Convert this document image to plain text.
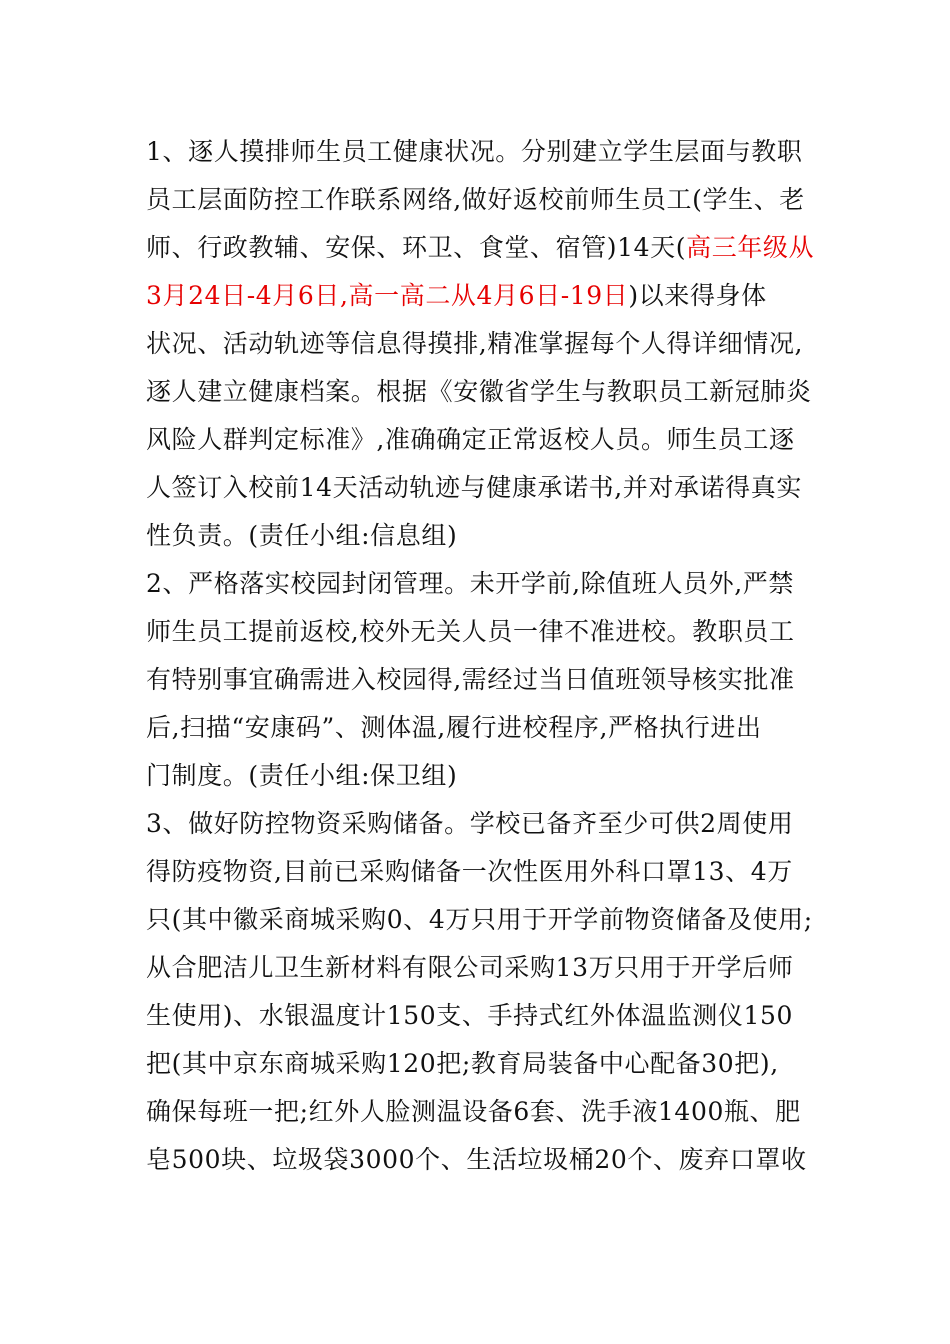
1、逐人摸排师生员工健康状况。分别建立学生层面与教职
员工层面防控工作联系网络,做好返校前师生员工(学生、老
师、行政教辅、安保、环卫、食堂、宿管)14天(高三年级从
3月24日-4月6日,高一高二从4月6日-19日)以来得身体
状况、活动轨迹等信息得摸排,精准掌握每个人得详细情况,
逐人建立健康档案。根据《安徽省学生与教职员工新冠肺炎
风险人群判定标准》,准确确定正常返校人员。师生员工逐
人签订入校前14天活动轨迹与健康承诺书,并对承诺得真实
性负责。(责任小组:信息组)
2、严格落实校园封闭管理。未开学前,除值班人员外,严禁
师生员工提前返校,校外无关人员一律不准进校。教职员工
有特别事宜确需进入校园得,需经过当日值班领导核实批准
后,扫描“安康码”、测体温,履行进校程序,严格执行进出
门制度。(责任小组:保卫组)
3、做好防控物资采购储备。学校已备齐至少可供2周使用
得防疫物资,目前已采购储备一次性医用外科口罩13、4万
只(其中徽采商城采购0、4万只用于开学前物资储备及使用;
从合肥洁儿卫生新材料有限公司采购13万只用于开学后师
生使用)、水银温度计150支、手持式红外体温监测仪150
把(其中京东商城采购120把;教育局装备中心配备30把),
确保每班一把;红外人脸测温设备6套、洗手液1400瓶、肥
皂500块、垃圾袋3000个、生活垃圾桶20个、废弃口罩收
